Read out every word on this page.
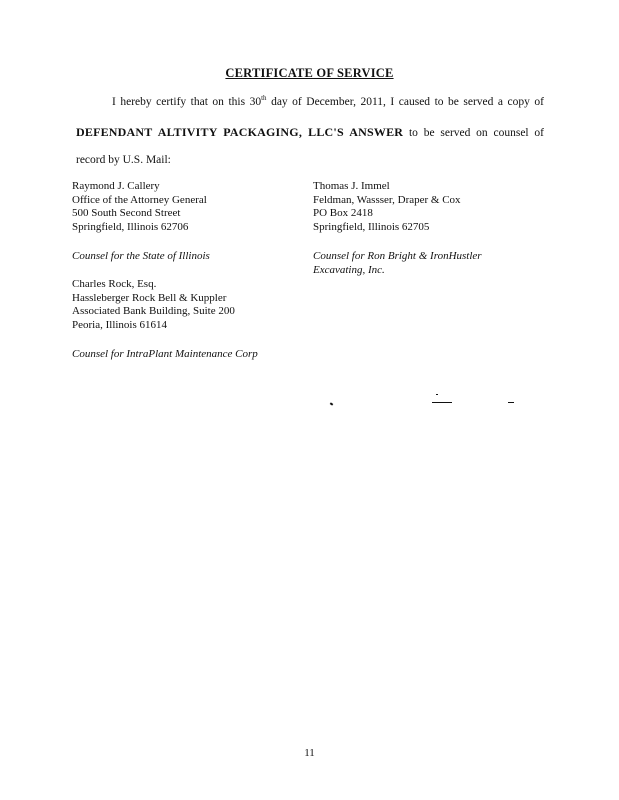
CERTIFICATE OF SERVICE
I hereby certify that on this 30th day of December, 2011, I caused to be served a copy of
DEFENDANT ALTIVITY PACKAGING, LLC'S ANSWER to be served on counsel of
record by U.S. Mail:
Raymond J. Callery
Office of the Attorney General
500 South Second Street
Springfield, Illinois 62706
Counsel for the State of Illinois
Thomas J. Immel
Feldman, Wassser, Draper & Cox
PO Box 2418
Springfield, Illinois 62705
Counsel for Ron Bright & IronHustler
Excavating, Inc.
Charles Rock, Esq.
Hassleberger Rock Bell & Kuppler
Associated Bank Building, Suite 200
Peoria, Illinois 61614
Counsel for IntraPlant Maintenance Corp
11
